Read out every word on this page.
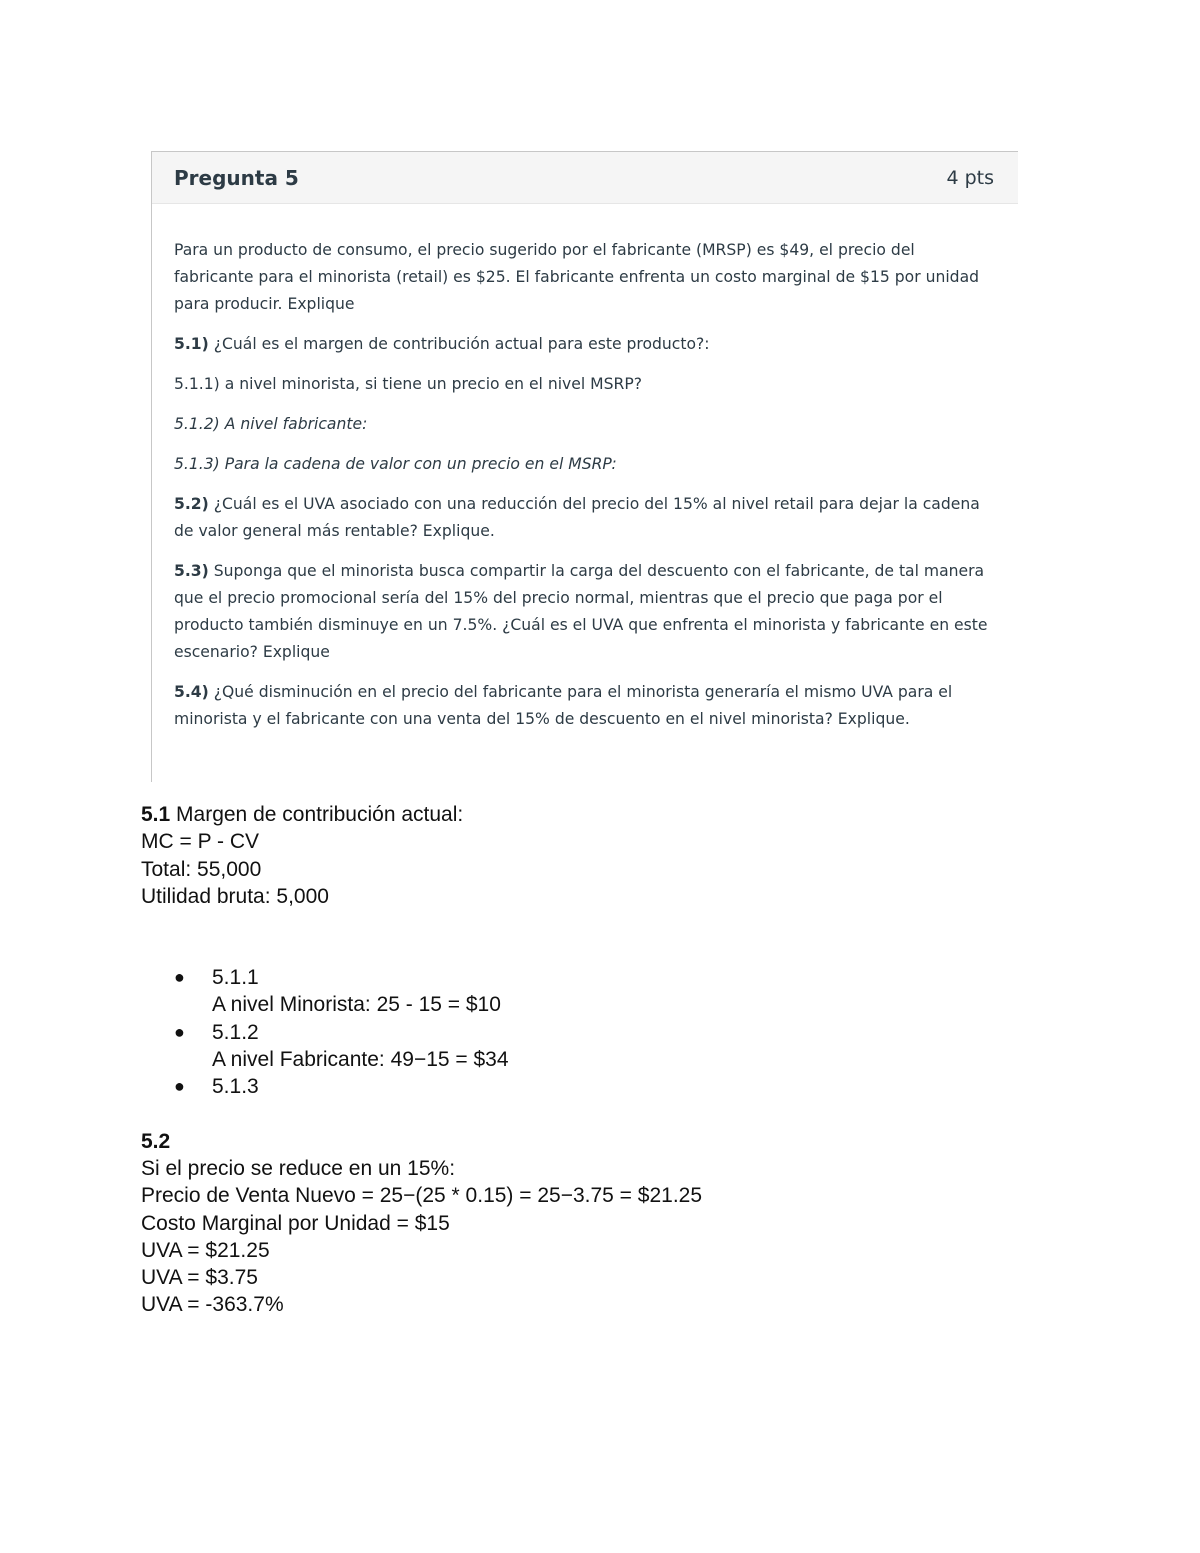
Pregunta 5	4 pts

Para un producto de consumo, el precio sugerido por el fabricante (MRSP) es $49, el precio del fabricante para el minorista (retail) es $25. El fabricante enfrenta un costo marginal de $15 por unidad para producir. Explique

5.1) ¿Cuál es el margen de contribución actual para este producto?:

5.1.1) a nivel minorista, si tiene un precio en el nivel MSRP?

5.1.2) A nivel fabricante:

5.1.3) Para la cadena de valor con un precio en el MSRP:

5.2) ¿Cuál es el UVA asociado con una reducción del precio del 15% al nivel retail para dejar la cadena de valor general más rentable? Explique.

5.3) Suponga que el minorista busca compartir la carga del descuento con el fabricante, de tal manera que el precio promocional sería del 15% del precio normal, mientras que el precio que paga por el producto también disminuye en un 7.5%. ¿Cuál es el UVA que enfrenta el minorista y fabricante en este escenario? Explique

5.4) ¿Qué disminución en el precio del fabricante para el minorista generaría el mismo UVA para el minorista y el fabricante con una venta del 15% de descuento en el nivel minorista? Explique.

5.1 Margen de contribución actual:
MC = P - CV
Total: 55,000
Utilidad bruta: 5,000
● 5.1.1
A nivel Minorista: 25 - 15 = $10
● 5.1.2
A nivel Fabricante: 49−15 = $34
● 5.1.3
5.2
Si el precio se reduce en un 15%:
Precio de Venta Nuevo = 25−(25 * 0.15) = 25−3.75 = $21.25
Costo Marginal por Unidad = $15
UVA = $21.25
UVA = $3.75
UVA = -363.7%
